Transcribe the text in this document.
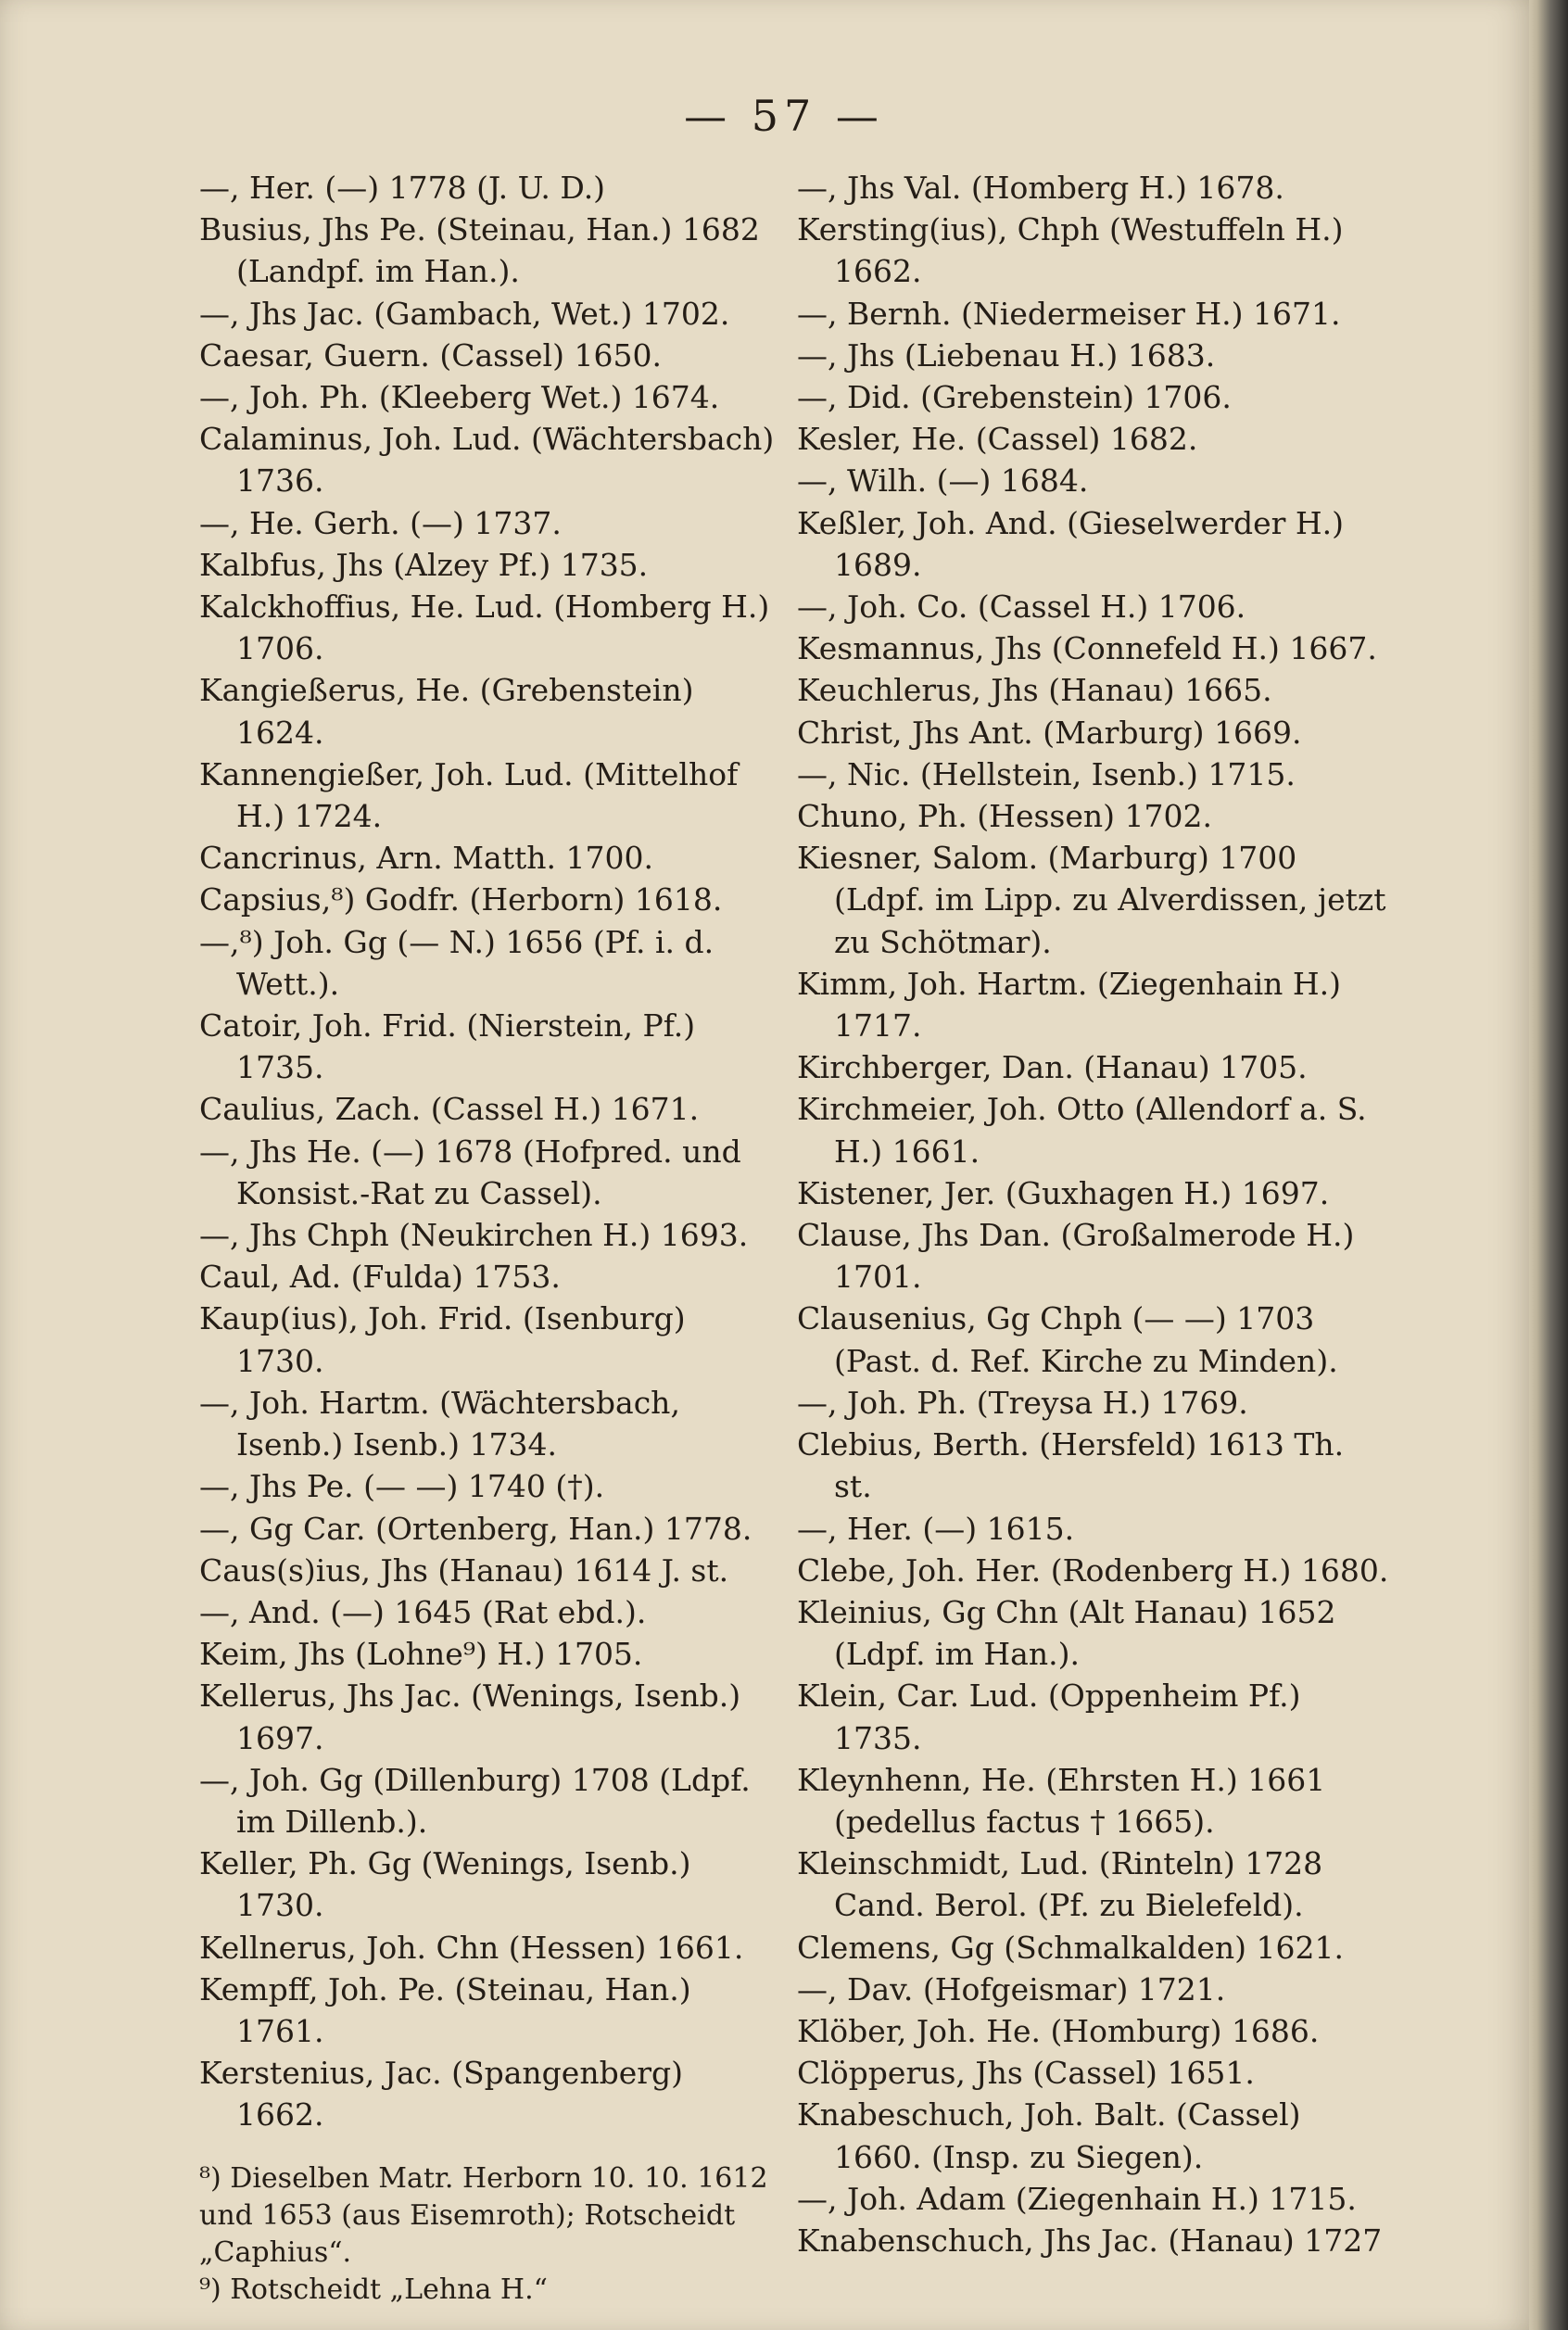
— 57 —
—, Her. (—) 1778 (J. U. D.)
Busius, Jhs Pe. (Steinau, Han.) 1682 (Landpf. im Han.).
—, Jhs Jac. (Gambach, Wet.) 1702.
Caesar, Guern. (Cassel) 1650.
—, Joh. Ph. (Kleeberg Wet.) 1674.
Calaminus, Joh. Lud. (Wächtersbach) 1736.
—, He. Gerh. (—) 1737.
Kalbfus, Jhs (Alzey Pf.) 1735.
Kalckhoffius, He. Lud. (Homberg H.) 1706.
Kangießerus, He. (Grebenstein) 1624.
Kannengießer, Joh. Lud. (Mittelhof H.) 1724.
Cancrinus, Arn. Matth. 1700.
Capsius,⁸) Godfr. (Herborn) 1618.
—,⁸) Joh. Gg (— N.) 1656 (Pf. i. d. Wett.).
Catoir, Joh. Frid. (Nierstein, Pf.) 1735.
Caulius, Zach. (Cassel H.) 1671.
—, Jhs He. (—) 1678 (Hofpred. und Konsist.-Rat zu Cassel).
—, Jhs Chph (Neukirchen H.) 1693.
Caul, Ad. (Fulda) 1753.
Kaup(ius), Joh. Frid. (Isenburg) 1730.
—, Joh. Hartm. (Wächtersbach, Isenb.) Isenb.) 1734.
—, Jhs Pe. (— —) 1740 (†).
—, Gg Car. (Ortenberg, Han.) 1778.
Caus(s)ius, Jhs (Hanau) 1614 J. st.
—, And. (—) 1645 (Rat ebd.).
Keim, Jhs (Lohne⁹) H.) 1705.
Kellerus, Jhs Jac. (Wenings, Isenb.) 1697.
—, Joh. Gg (Dillenburg) 1708 (Ldpf. im Dillenb.).
Keller, Ph. Gg (Wenings, Isenb.) 1730.
Kellnerus, Joh. Chn (Hessen) 1661.
Kempff, Joh. Pe. (Steinau, Han.) 1761.
Kerstenius, Jac. (Spangenberg) 1662.
⁸) Dieselben Matr. Herborn 10. 10. 1612 und 1653 (aus Eisemroth); Rotscheidt „Caphius“.
⁹) Rotscheidt „Lehna H.“
—, Jhs Val. (Homberg H.) 1678.
Kersting(ius), Chph (Westuffeln H.) 1662.
—, Bernh. (Niedermeiser H.) 1671.
—, Jhs (Liebenau H.) 1683.
—, Did. (Grebenstein) 1706.
Kesler, He. (Cassel) 1682.
—, Wilh. (—) 1684.
Keßler, Joh. And. (Gieselwerder H.) 1689.
—, Joh. Co. (Cassel H.) 1706.
Kesmannus, Jhs (Connefeld H.) 1667.
Keuchlerus, Jhs (Hanau) 1665.
Christ, Jhs Ant. (Marburg) 1669.
—, Nic. (Hellstein, Isenb.) 1715.
Chuno, Ph. (Hessen) 1702.
Kiesner, Salom. (Marburg) 1700 (Ldpf. im Lipp. zu Alverdissen, jetzt zu Schötmar).
Kimm, Joh. Hartm. (Ziegenhain H.) 1717.
Kirchberger, Dan. (Hanau) 1705.
Kirchmeier, Joh. Otto (Allendorf a. S. H.) 1661.
Kistener, Jer. (Guxhagen H.) 1697.
Clause, Jhs Dan. (Großalmerode H.) 1701.
Clausenius, Gg Chph (— —) 1703 (Past. d. Ref. Kirche zu Minden).
—, Joh. Ph. (Treysa H.) 1769.
Clebius, Berth. (Hersfeld) 1613 Th. st.
—, Her. (—) 1615.
Clebe, Joh. Her. (Rodenberg H.) 1680.
Kleinius, Gg Chn (Alt Hanau) 1652 (Ldpf. im Han.).
Klein, Car. Lud. (Oppenheim Pf.) 1735.
Kleynhenn, He. (Ehrsten H.) 1661 (pedellus factus † 1665).
Kleinschmidt, Lud. (Rinteln) 1728 Cand. Berol. (Pf. zu Bielefeld).
Clemens, Gg (Schmalkalden) 1621.
—, Dav. (Hofgeismar) 1721.
Klöber, Joh. He. (Homburg) 1686.
Clöpperus, Jhs (Cassel) 1651.
Knabeschuch, Joh. Balt. (Cassel) 1660. (Insp. zu Siegen).
—, Joh. Adam (Ziegenhain H.) 1715.
Knabenschuch, Jhs Jac. (Hanau) 1727
